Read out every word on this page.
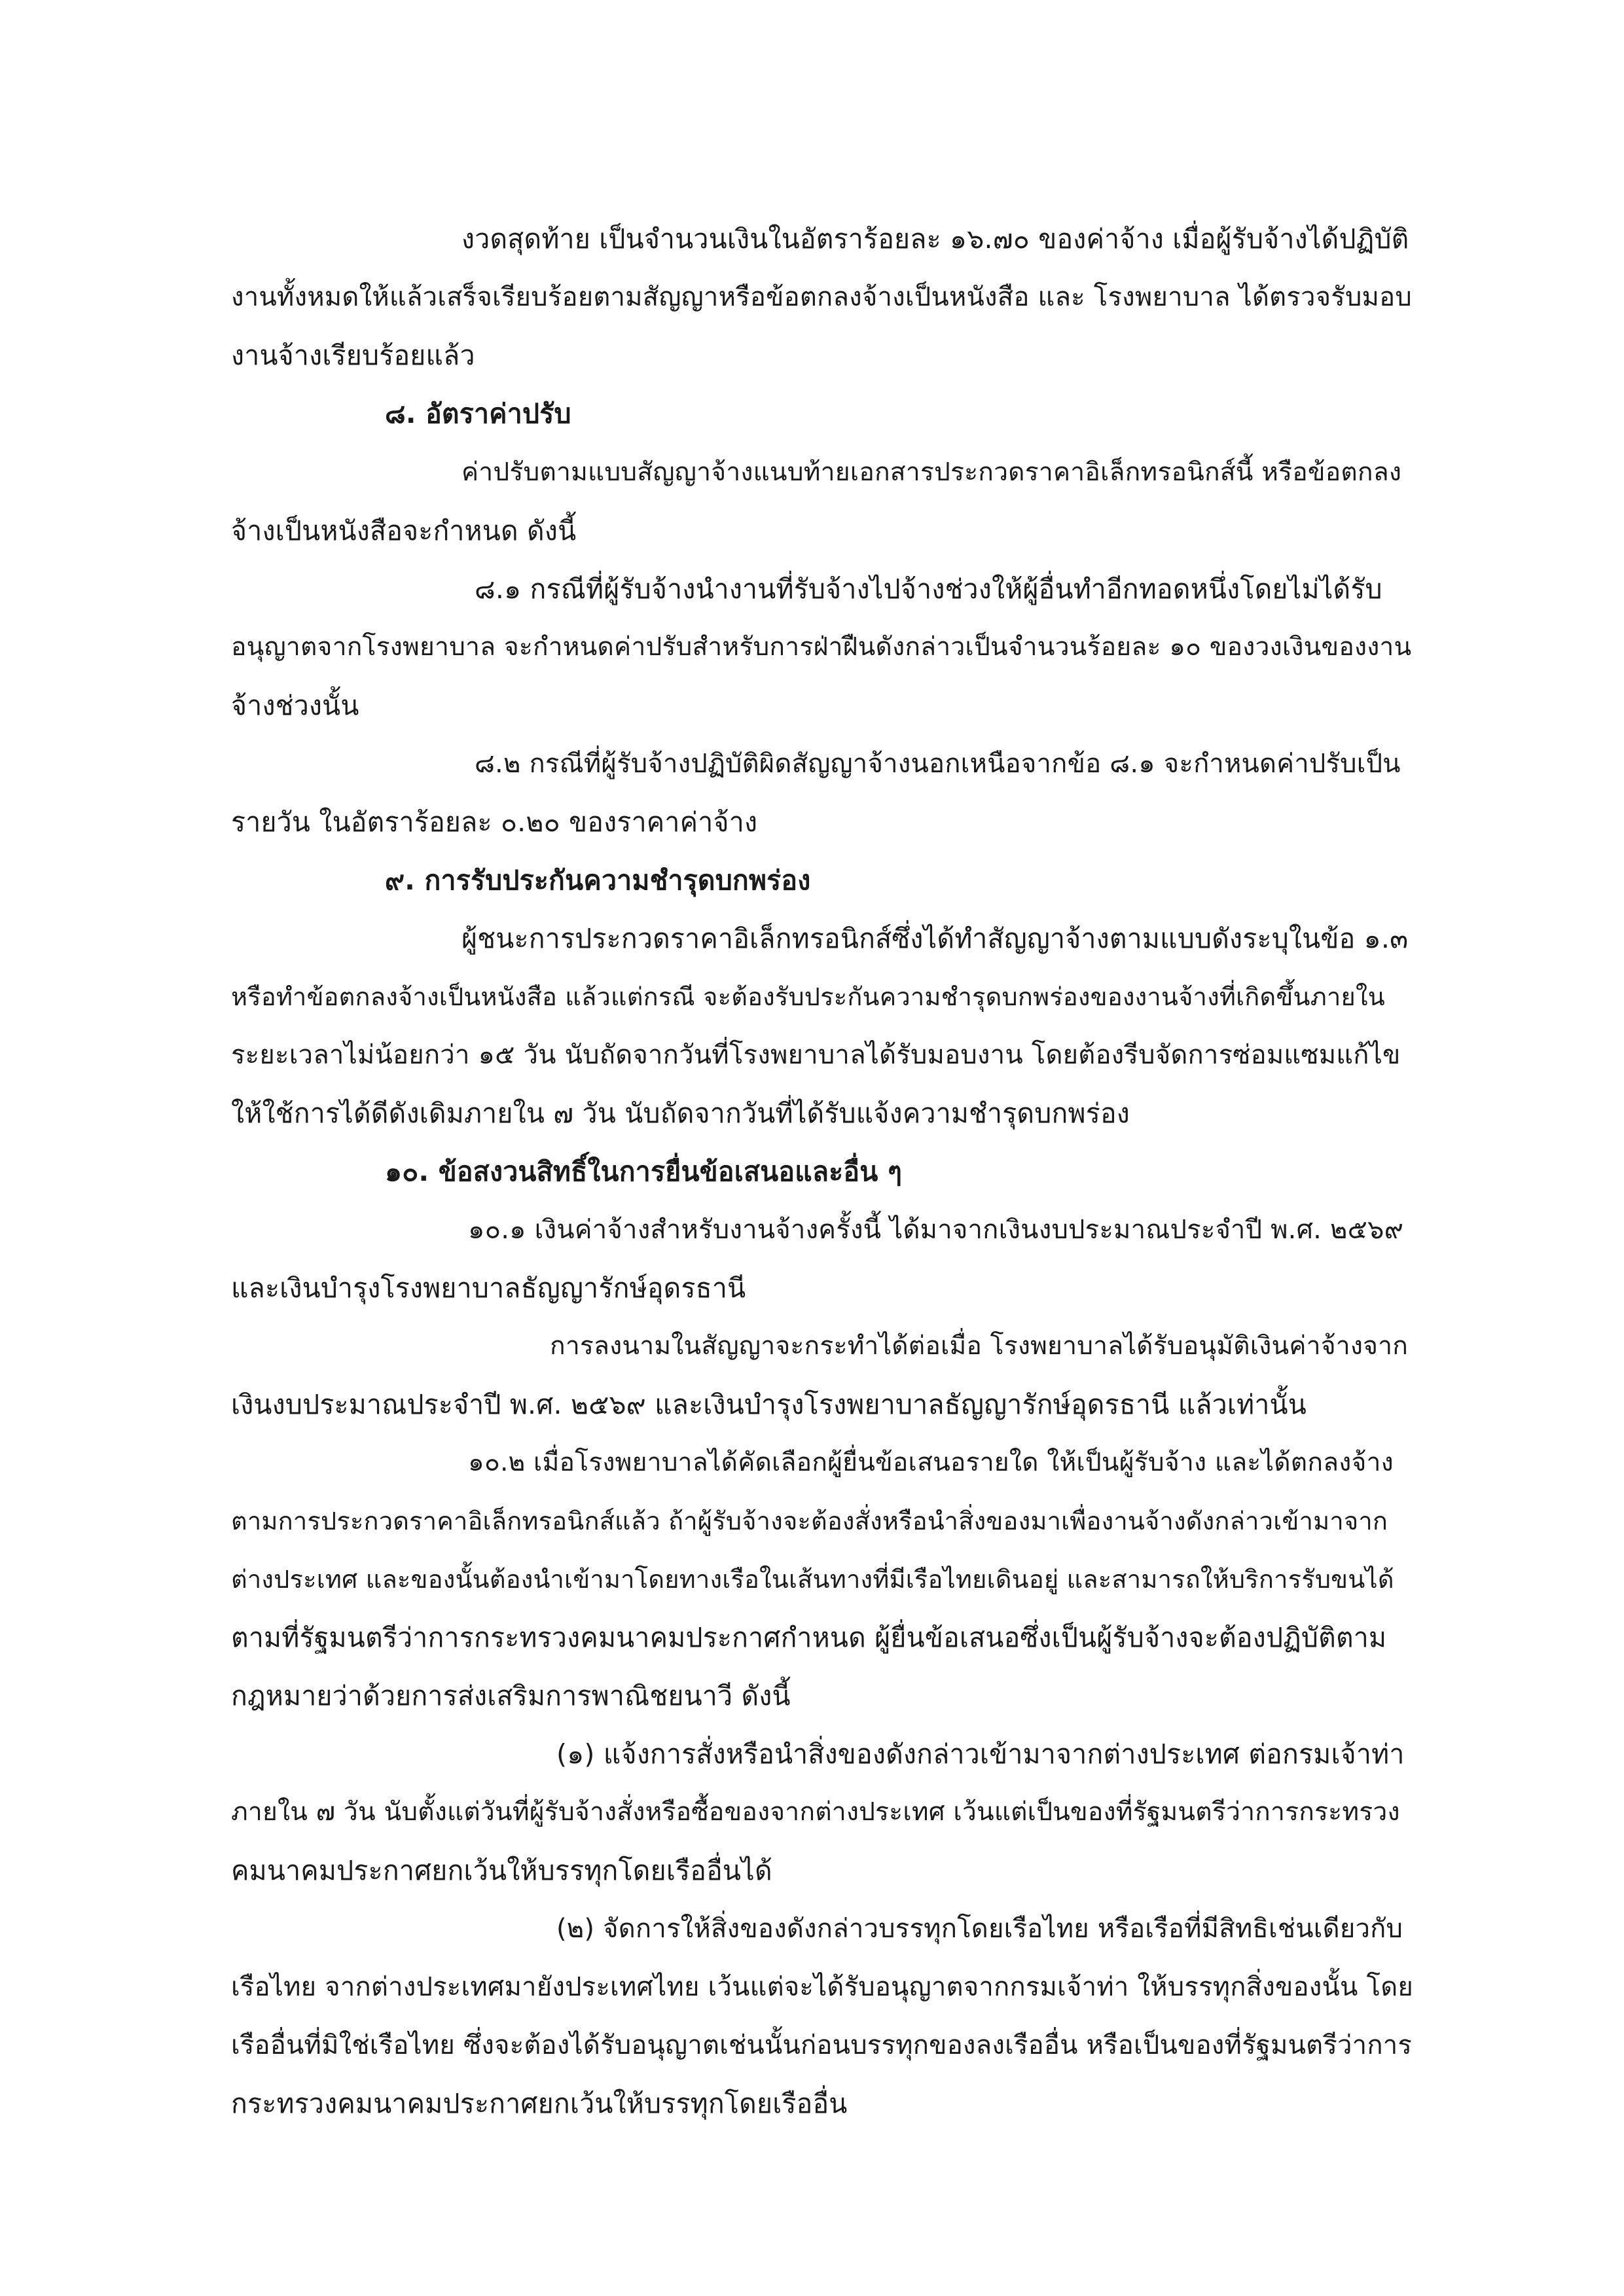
งวดสุดท้าย เป็นจำนวนเงินในอัตราร้อยละ ๑๖.๗๐ ของค่าจ้าง เมื่อผู้รับจ้างได้ปฏิบัติ
งานทั้งหมดให้แล้วเสร็จเรียบร้อยตามสัญญาหรือข้อตกลงจ้างเป็นหนังสือ และ โรงพยาบาล ได้ตรวจรับมอบ
งานจ้างเรียบร้อยแล้ว
๘. อัตราค่าปรับ
ค่าปรับตามแบบสัญญาจ้างแนบท้ายเอกสารประกวดราคาอิเล็กทรอนิกส์นี้ หรือข้อตกลง
จ้างเป็นหนังสือจะกำหนด ดังนี้
๘.๑ กรณีที่ผู้รับจ้างนำงานที่รับจ้างไปจ้างช่วงให้ผู้อื่นทำอีกทอดหนึ่งโดยไม่ได้รับ
อนุญาตจากโรงพยาบาล จะกำหนดค่าปรับสำหรับการฝ่าฝืนดังกล่าวเป็นจำนวนร้อยละ ๑๐ ของวงเงินของงาน
จ้างช่วงนั้น
๘.๒ กรณีที่ผู้รับจ้างปฏิบัติผิดสัญญาจ้างนอกเหนือจากข้อ ๘.๑ จะกำหนดค่าปรับเป็น
รายวัน ในอัตราร้อยละ ๐.๒๐ ของราคาค่าจ้าง
๙. การรับประกันความชำรุดบกพร่อง
ผู้ชนะการประกวดราคาอิเล็กทรอนิกส์ซึ่งได้ทำสัญญาจ้างตามแบบดังระบุในข้อ ๑.๓
หรือทำข้อตกลงจ้างเป็นหนังสือ แล้วแต่กรณี จะต้องรับประกันความชำรุดบกพร่องของงานจ้างที่เกิดขึ้นภายใน
ระยะเวลาไม่น้อยกว่า ๑๕ วัน นับถัดจากวันที่โรงพยาบาลได้รับมอบงาน โดยต้องรีบจัดการซ่อมแซมแก้ไข
ให้ใช้การได้ดีดังเดิมภายใน ๗ วัน นับถัดจากวันที่ได้รับแจ้งความชำรุดบกพร่อง
๑๐. ข้อสงวนสิทธิ์ในการยื่นข้อเสนอและอื่น ๆ
๑๐.๑ เงินค่าจ้างสำหรับงานจ้างครั้งนี้ ได้มาจากเงินงบประมาณประจำปี พ.ศ. ๒๕๖๙
และเงินบำรุงโรงพยาบาลธัญญารักษ์อุดรธานี
การลงนามในสัญญาจะกระทำได้ต่อเมื่อ โรงพยาบาลได้รับอนุมัติเงินค่าจ้างจาก
เงินงบประมาณประจำปี พ.ศ. ๒๕๖๙ และเงินบำรุงโรงพยาบาลธัญญารักษ์อุดรธานี แล้วเท่านั้น
๑๐.๒ เมื่อโรงพยาบาลได้คัดเลือกผู้ยื่นข้อเสนอรายใด ให้เป็นผู้รับจ้าง และได้ตกลงจ้าง
ตามการประกวดราคาอิเล็กทรอนิกส์แล้ว ถ้าผู้รับจ้างจะต้องสั่งหรือนำสิ่งของมาเพื่องานจ้างดังกล่าวเข้ามาจาก
ต่างประเทศ และของนั้นต้องนำเข้ามาโดยทางเรือในเส้นทางที่มีเรือไทยเดินอยู่ และสามารถให้บริการรับขนได้
ตามที่รัฐมนตรีว่าการกระทรวงคมนาคมประกาศกำหนด ผู้ยื่นข้อเสนอซึ่งเป็นผู้รับจ้างจะต้องปฏิบัติตาม
กฎหมายว่าด้วยการส่งเสริมการพาณิชยนาวี ดังนี้
(๑) แจ้งการสั่งหรือนำสิ่งของดังกล่าวเข้ามาจากต่างประเทศ ต่อกรมเจ้าท่า
ภายใน ๗ วัน นับตั้งแต่วันที่ผู้รับจ้างสั่งหรือซื้อของจากต่างประเทศ เว้นแต่เป็นของที่รัฐมนตรีว่าการกระทรวง
คมนาคมประกาศยกเว้นให้บรรทุกโดยเรืออื่นได้
(๒) จัดการให้สิ่งของดังกล่าวบรรทุกโดยเรือไทย หรือเรือที่มีสิทธิเช่นเดียวกับ
เรือไทย จากต่างประเทศมายังประเทศไทย เว้นแต่จะได้รับอนุญาตจากกรมเจ้าท่า ให้บรรทุกสิ่งของนั้น โดย
เรืออื่นที่มิใช่เรือไทย ซึ่งจะต้องได้รับอนุญาตเช่นนั้นก่อนบรรทุกของลงเรืออื่น หรือเป็นของที่รัฐมนตรีว่าการ
กระทรวงคมนาคมประกาศยกเว้นให้บรรทุกโดยเรืออื่น
